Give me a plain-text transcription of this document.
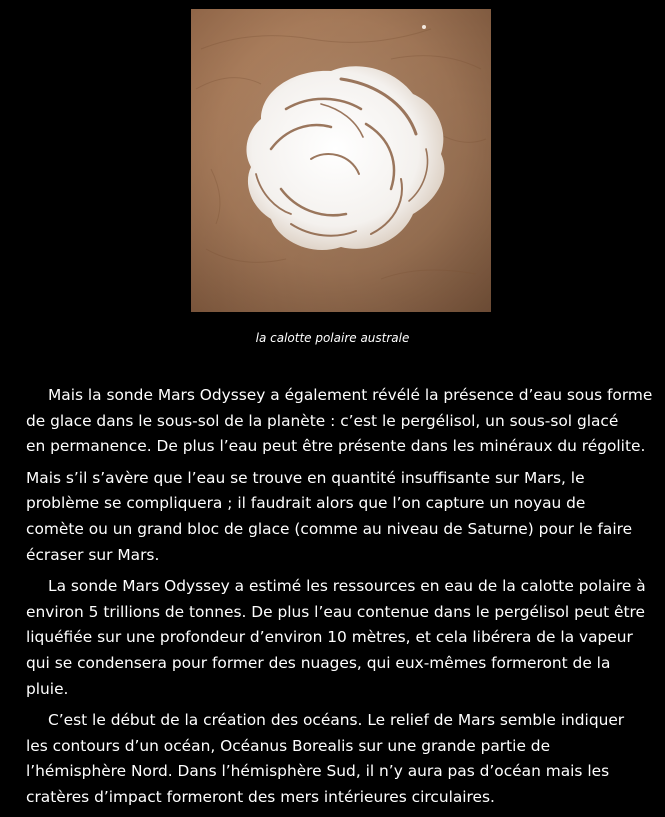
la calotte polaire australe

Mais la sonde Mars Odyssey a également révélé la présence d’eau sous forme
de glace dans le sous-sol de la planète : c’est le pergélisol, un sous-sol glacé
en permanence. De plus l’eau peut être présente dans les minéraux du régolite.

Mais s’il s’avère que l’eau se trouve en quantité insuffisante sur Mars, le
problème se compliquera ; il faudrait alors que l’on capture un noyau de
comète ou un grand bloc de glace (comme au niveau de Saturne) pour le faire
écraser sur Mars.

La sonde Mars Odyssey a estimé les ressources en eau de la calotte polaire à
environ 5 trillions de tonnes. De plus l’eau contenue dans le pergélisol peut être
liquéfiée sur une profondeur d’environ 10 mètres, et cela libérera de la vapeur
qui se condensera pour former des nuages, qui eux-mêmes formeront de la
pluie.

C’est le début de la création des océans. Le relief de Mars semble indiquer
les contours d’un océan, Océanus Borealis sur une grande partie de
l’hémisphère Nord. Dans l’hémisphère Sud, il n’y aura pas d’océan mais les
cratères d’impact formeront des mers intérieures circulaires.
